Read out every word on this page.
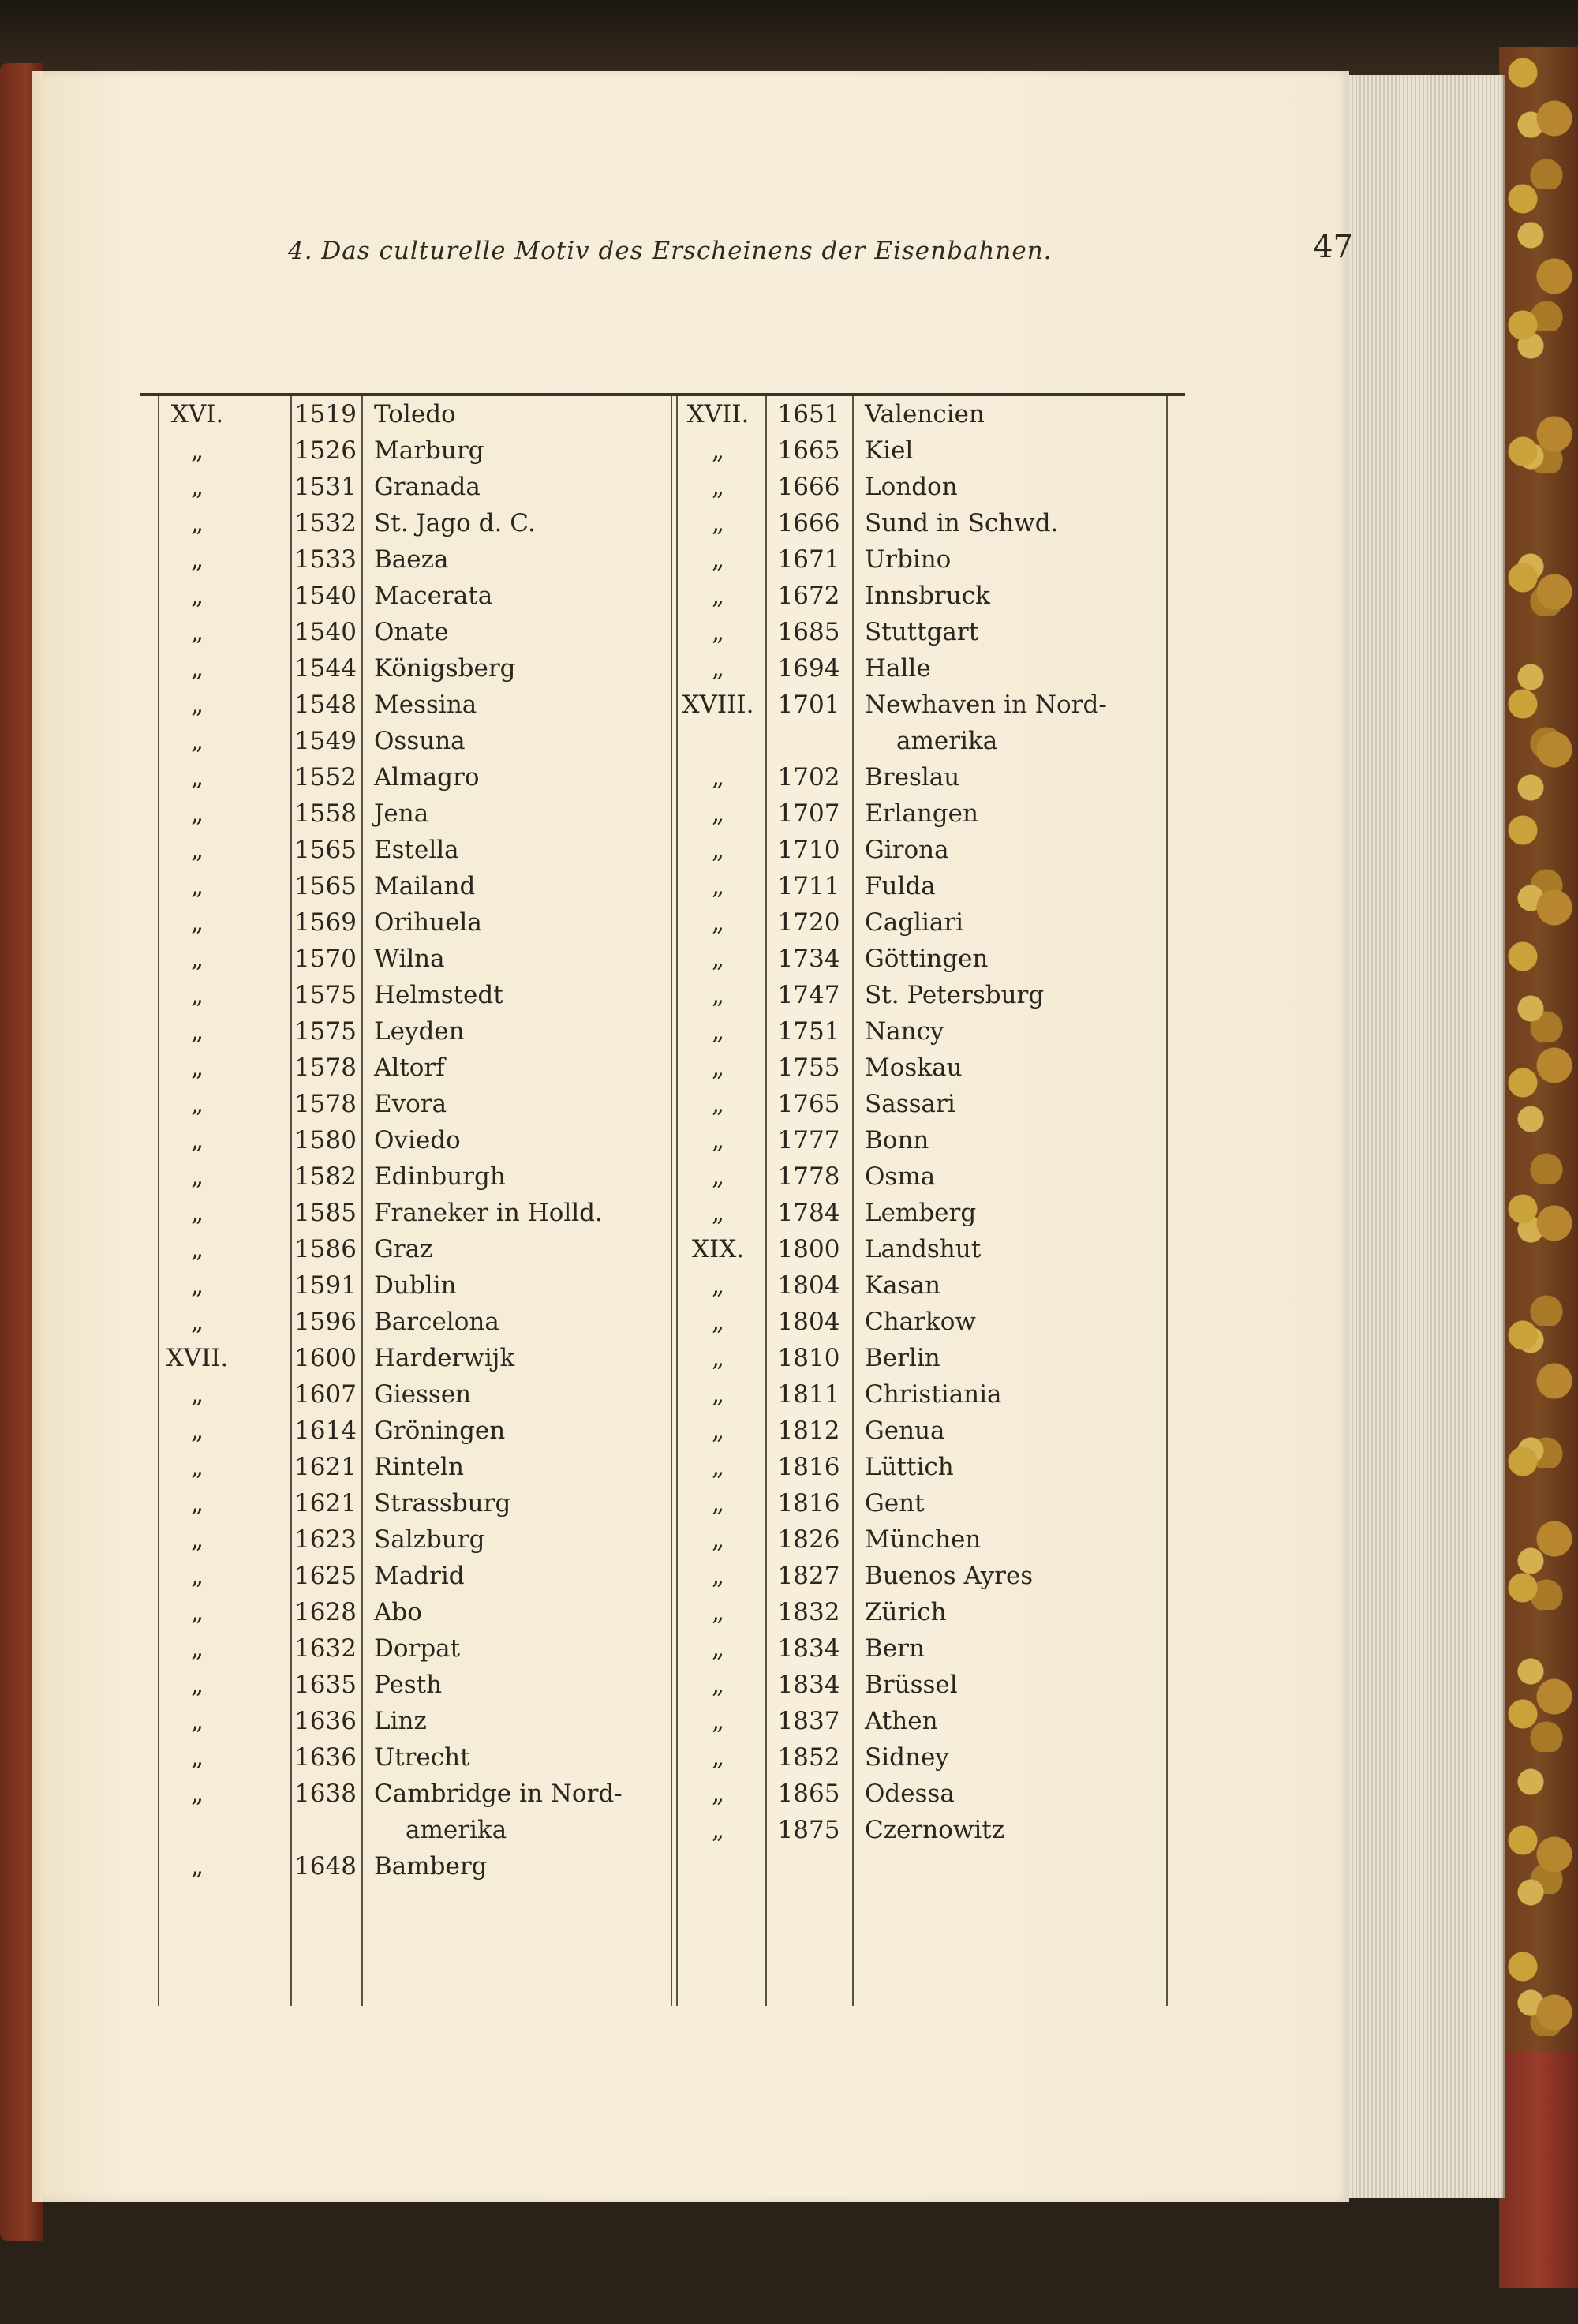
4. Das culturelle Motiv des Erscheinens der Eisenbahnen.	47
XVI.
„
„
„
„
„
„
„
„
„
„
„
„
„
„
„
„
„
„
„
„
„
„
„
„
„
XVII.
„
„
„
„
„
„
„
„
„
„
„
„
„
1519
1526
1531
1532
1533
1540
1540
1544
1548
1549
1552
1558
1565
1565
1569
1570
1575
1575
1578
1578
1580
1582
1585
1586
1591
1596
1600
1607
1614
1621
1621
1623
1625
1628
1632
1635
1636
1636
1638
1648
Toledo
Marburg
Granada
St. Jago d. C.
Baeza
Macerata
Onate
Königsberg
Messina
Ossuna
Almagro
Jena
Estella
Mailand
Orihuela
Wilna
Helmstedt
Leyden
Altorf
Evora
Oviedo
Edinburgh
Franeker in Holld.
Graz
Dublin
Barcelona
Harderwijk
Giessen
Gröningen
Rinteln
Strassburg
Salzburg
Madrid
Abo
Dorpat
Pesth
Linz
Utrecht
Cambridge in Nord-
amerika
Bamberg
XVII.
„
„
„
„
„
„
„
XVIII.
„
„
„
„
„
„
„
„
„
„
„
„
„
XIX.
„
„
„
„
„
„
„
„
„
„
„
„
„
„
„
„
1651
1665
1666
1666
1671
1672
1685
1694
1701
1702
1707
1710
1711
1720
1734
1747
1751
1755
1765
1777
1778
1784
1800
1804
1804
1810
1811
1812
1816
1816
1826
1827
1832
1834
1834
1837
1852
1865
1875
Valencien
Kiel
London
Sund in Schwd.
Urbino
Innsbruck
Stuttgart
Halle
Newhaven in Nord-
amerika
Breslau
Erlangen
Girona
Fulda
Cagliari
Göttingen
St. Petersburg
Nancy
Moskau
Sassari
Bonn
Osma
Lemberg
Landshut
Kasan
Charkow
Berlin
Christiania
Genua
Lüttich
Gent
München
Buenos Ayres
Zürich
Bern
Brüssel
Athen
Sidney
Odessa
Czernowitz
